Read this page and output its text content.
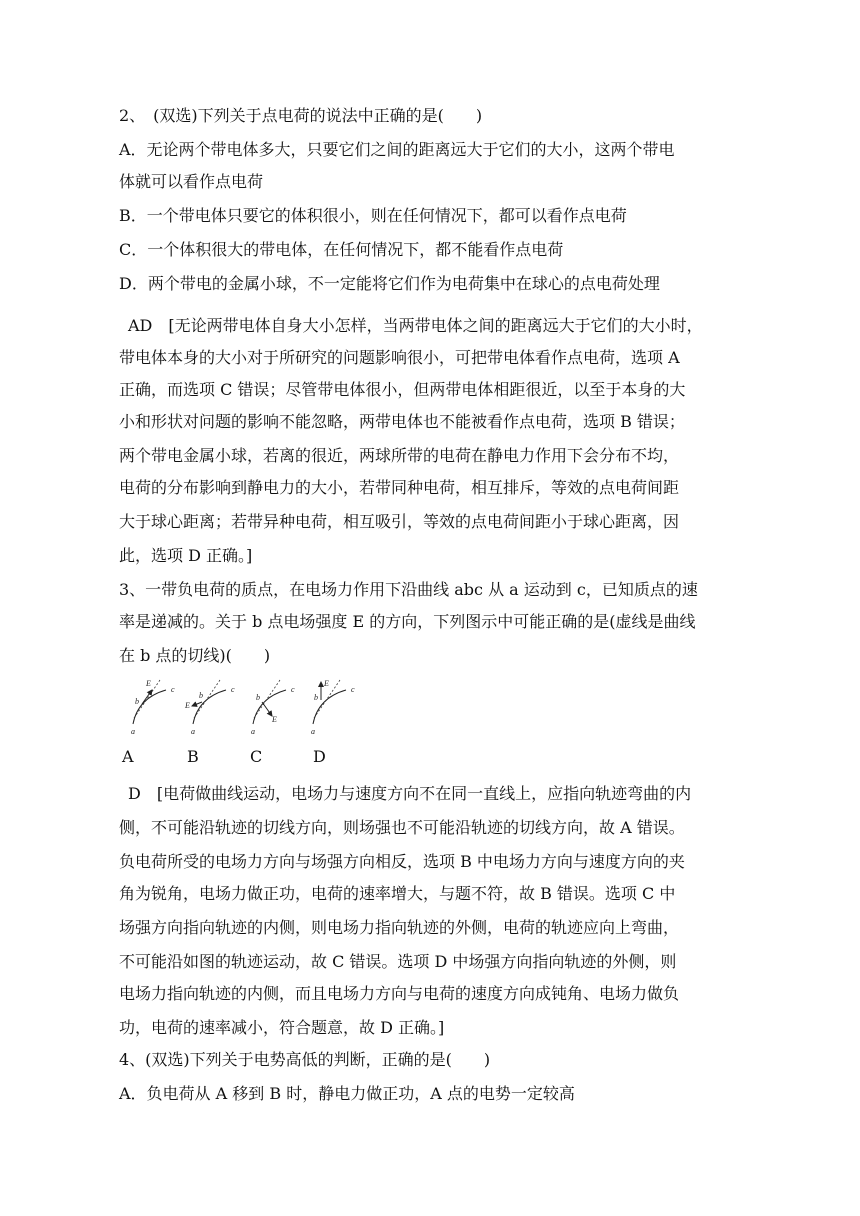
2、　(双选)下列关于点电荷的说法中正确的是(　　)
A．无论两个带电体多大，只要它们之间的距离远大于它们的大小，这两个带电
体就可以看作点电荷
B．一个带电体只要它的体积很小，则在任何情况下，都可以看作点电荷
C．一个体积很大的带电体，在任何情况下，都不能看作点电荷
D．两个带电的金属小球，不一定能将它们作为电荷集中在球心的点电荷处理
AD　[无论两带电体自身大小怎样，当两带电体之间的距离远大于它们的大小时，
带电体本身的大小对于所研究的问题影响很小，可把带电体看作点电荷，选项 A
正确，而选项 C 错误；尽管带电体很小，但两带电体相距很近，以至于本身的大
小和形状对问题的影响不能忽略，两带电体也不能被看作点电荷，选项 B 错误；
两个带电金属小球，若离的很近，两球所带的电荷在静电力作用下会分布不均，
电荷的分布影响到静电力的大小，若带同种电荷，相互排斥，等效的点电荷间距
大于球心距离；若带异种电荷，相互吸引，等效的点电荷间距小于球心距离，因
此，选项 D 正确。]
3、一带负电荷的质点，在电场力作用下沿曲线 abc 从 a 运动到 c，已知质点的速
率是递减的。关于 b 点电场强度 E 的方向，下列图示中可能正确的是(虚线是曲线
在 b 点的切线)(　　)
a
b
c
E
a
b
c
E
a
b
c
E
a
b
c
E
A	B	C	D
D　[电荷做曲线运动，电场力与速度方向不在同一直线上，应指向轨迹弯曲的内
侧，不可能沿轨迹的切线方向，则场强也不可能沿轨迹的切线方向，故 A 错误。
负电荷所受的电场力方向与场强方向相反，选项 B 中电场力方向与速度方向的夹
角为锐角，电场力做正功，电荷的速率增大，与题不符，故 B 错误。选项 C 中
场强方向指向轨迹的内侧，则电场力指向轨迹的外侧，电荷的轨迹应向上弯曲，
不可能沿如图的轨迹运动，故 C 错误。选项 D 中场强方向指向轨迹的外侧，则
电场力指向轨迹的内侧，而且电场力方向与电荷的速度方向成钝角、电场力做负
功，电荷的速率减小，符合题意，故 D 正确。]
4、(双选)下列关于电势高低的判断，正确的是(　　)
A．负电荷从 A 移到 B 时，静电力做正功，A 点的电势一定较高
